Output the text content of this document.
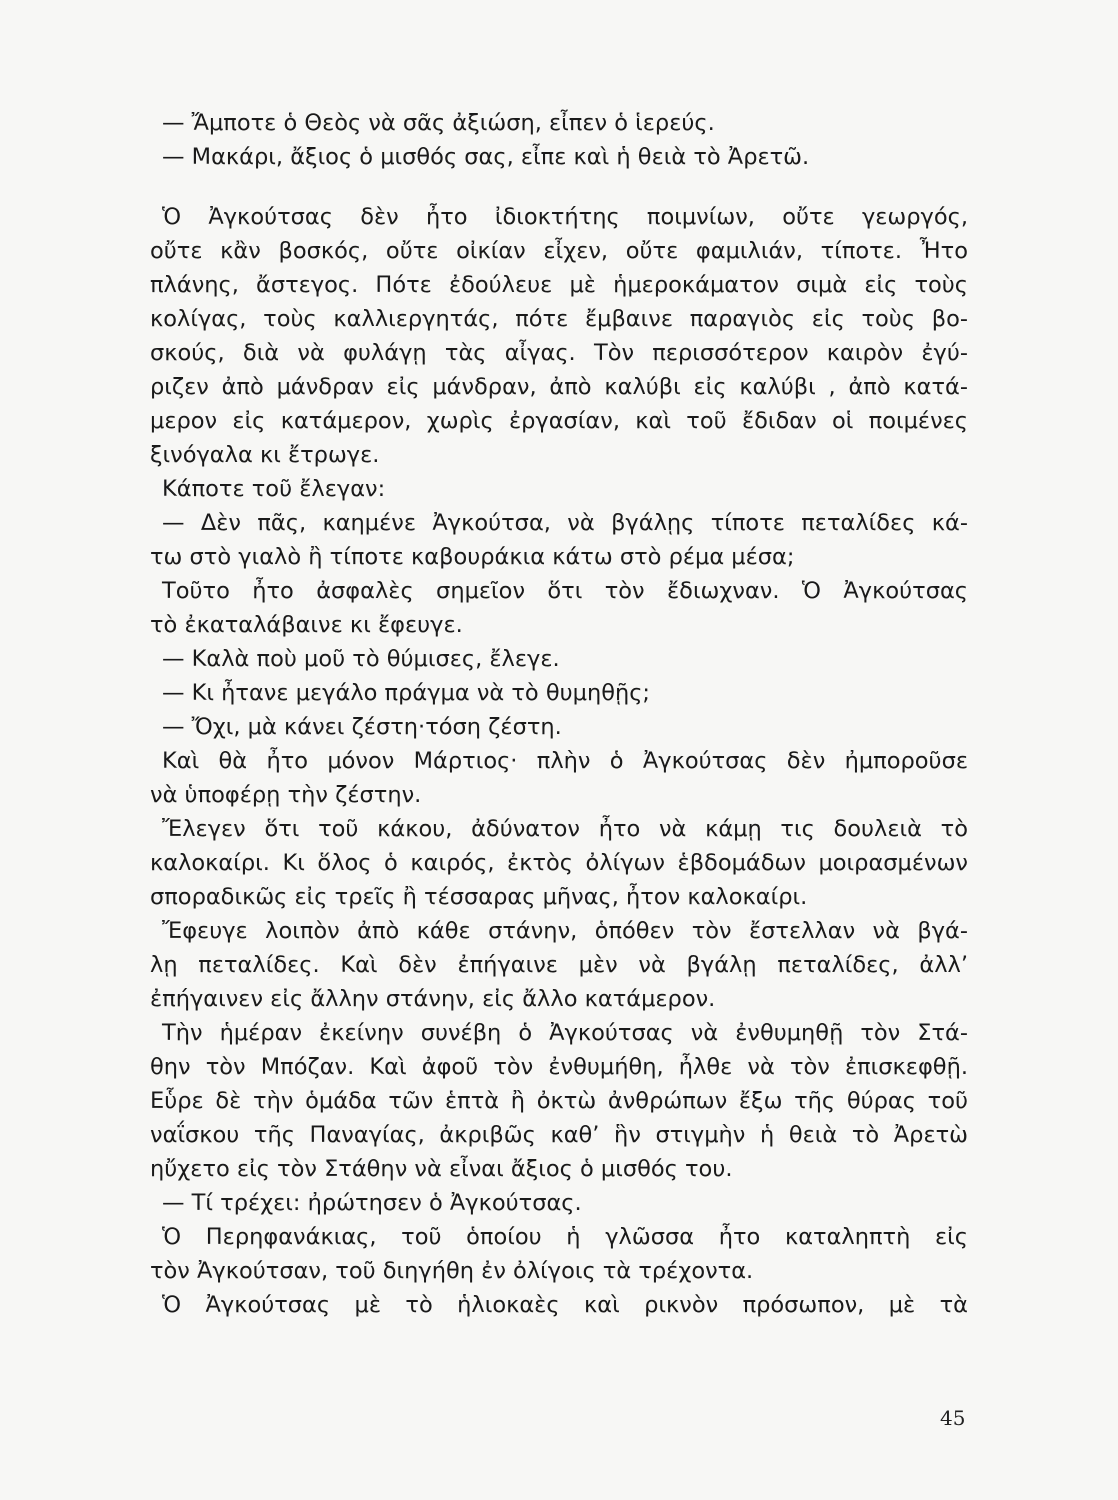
— Ἄμποτε ὁ Θεὸς νὰ σᾶς ἀξιώση, εἶπεν ὁ ἱερεύς.
— Μακάρι, ἄξιος ὁ μισθός σας, εἶπε καὶ ἡ θειὰ τὸ Ἀρετῶ.
Ὁ Ἀγκούτσας δὲν ἦτο ἰδιοκτήτης ποιμνίων, οὔτε γεωργός,
οὔτε κἂν βοσκός, οὔτε οἰκίαν εἶχεν, οὔτε φαμιλιάν, τίποτε. Ἦτο
πλάνης, ἄστεγος. Πότε ἐδούλευε μὲ ἡμεροκάματον σιμὰ εἰς τοὺς
κολίγας, τοὺς καλλιεργητάς, πότε ἔμβαινε παραγιὸς εἰς τοὺς βο-
σκούς, διὰ νὰ φυλάγῃ τὰς αἶγας. Τὸν περισσότερον καιρὸν ἐγύ-
ριζεν ἀπὸ μάνδραν εἰς μάνδραν, ἀπὸ καλύβι εἰς καλύβι , ἀπὸ κατά-
μερον εἰς κατάμερον, χωρὶς ἐργασίαν, καὶ τοῦ ἔδιδαν οἱ ποιμένες
ξινόγαλα κι ἔτρωγε.
Κάποτε τοῦ ἔλεγαν:
— Δὲν πᾶς, καημένε Ἀγκούτσα, νὰ βγάλῃς τίποτε πεταλίδες κά-
τω στὸ γιαλὸ ἢ τίποτε καβουράκια κάτω στὸ ρέμα μέσα;
Τοῦτο ἦτο ἀσφαλὲς σημεῖον ὅτι τὸν ἔδιωχναν. Ὁ Ἀγκούτσας
τὸ ἐκαταλάβαινε κι ἔφευγε.
— Καλὰ ποὺ μοῦ τὸ θύμισες, ἔλεγε.
— Κι ἦτανε μεγάλο πράγμα νὰ τὸ θυμηθῇς;
— Ὄχι, μὰ κάνει ζέστη·τόση ζέστη.
Καὶ θὰ ἦτο μόνον Μάρτιος· πλὴν ὁ Ἀγκούτσας δὲν ἠμποροῦσε
νὰ ὑποφέρῃ τὴν ζέστην.
Ἔλεγεν ὅτι τοῦ κάκου, ἀδύνατον ἦτο νὰ κάμῃ τις δουλειὰ τὸ
καλοκαίρι. Κι ὅλος ὁ καιρός, ἐκτὸς ὀλίγων ἑβδομάδων μοιρασμένων
σποραδικῶς εἰς τρεῖς ἢ τέσσαρας μῆνας, ἦτον καλοκαίρι.
Ἔφευγε λοιπὸν ἀπὸ κάθε στάνην, ὁπόθεν τὸν ἔστελλαν νὰ βγά-
λῃ πεταλίδες. Καὶ δὲν ἐπήγαινε μὲν νὰ βγάλῃ πεταλίδες, ἀλλ’
ἐπήγαινεν εἰς ἄλλην στάνην, εἰς ἄλλο κατάμερον.
Τὴν ἡμέραν ἐκείνην συνέβη ὁ Ἀγκούτσας νὰ ἐνθυμηθῇ τὸν Στά-
θην τὸν Μπόζαν. Καὶ ἀφοῦ τὸν ἐνθυμήθη, ἦλθε νὰ τὸν ἐπισκεφθῇ.
Εὗρε δὲ τὴν ὁμάδα τῶν ἑπτὰ ἢ ὀκτὼ ἀνθρώπων ἔξω τῆς θύρας τοῦ
ναΐσκου τῆς Παναγίας, ἀκριβῶς καθ’ ἣν στιγμὴν ἡ θειὰ τὸ Ἀρετὼ
ηὔχετο εἰς τὸν Στάθην νὰ εἶναι ἄξιος ὁ μισθός του.
— Τί τρέχει: ἠρώτησεν ὁ Ἀγκούτσας.
Ὁ Περηφανάκιας, τοῦ ὁποίου ἡ γλῶσσα ἦτο καταληπτὴ εἰς
τὸν Ἀγκούτσαν, τοῦ διηγήθη ἐν ὀλίγοις τὰ τρέχοντα.
Ὁ Ἀγκούτσας μὲ τὸ ἡλιοκαὲς καὶ ρικνὸν πρόσωπον, μὲ τὰ
45
